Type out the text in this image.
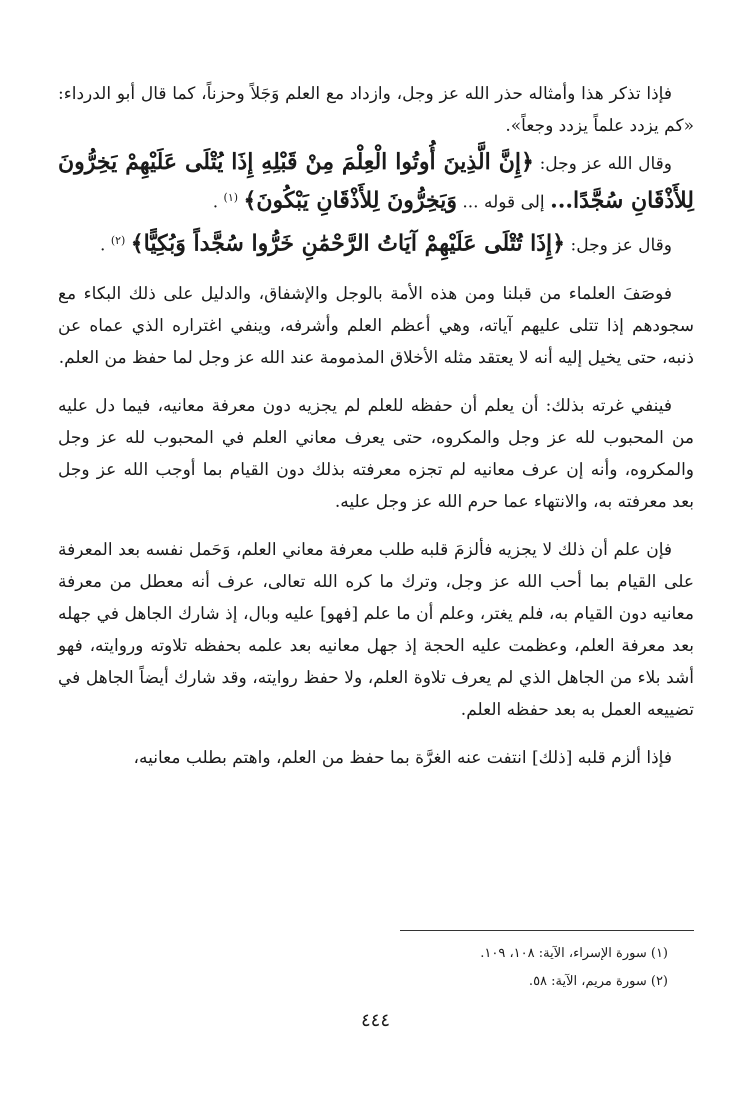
فإذا تذكر هذا وأمثاله حذر الله عز وجل، وازداد مع العلم وَجَلاً وحزناً، كما قال أبو الدرداء: «كم يزدد علماً يزدد وجعاً».

وقال الله عز وجل: ﴿إِنَّ الَّذِينَ أُوتُوا الْعِلْمَ مِنْ قَبْلِهِ إِذَا يُتْلَى عَلَيْهِمْ يَخِرُّونَ لِلأَذْقَانِ سُجَّدًا... إلى قوله ... وَيَخِرُّونَ لِلأَذْقَانِ يَبْكُونَ﴾ $^{(١)}$ .

وقال عز وجل: ﴿إِذَا تُتْلَى عَلَيْهِمْ آيَاتُ الرَّحْمَٰنِ خَرُّوا سُجَّداً وَبُكِيًّا﴾ $^{(٢)}$ .

فوصَفَ العلماء من قبلنا ومن هذه الأمة بالوجل والإشفاق، والدليل على ذلك البكاء مع سجودهم إذا تتلى عليهم آياته، وهي أعظم العلم وأشرفه، وينفي اغتراره الذي عماه عن ذنبه، حتى يخيل إليه أنه لا يعتقد مثله الأخلاق المذمومة عند الله عز وجل لما حفظ من العلم.

فينفي غرته بذلك: أن يعلم أن حفظه للعلم لم يجزيه دون معرفة معانيه، فيما دل عليه من المحبوب لله عز وجل والمكروه، حتى يعرف معاني العلم في المحبوب لله عز وجل والمكروه، وأنه إن عرف معانيه لم تجزه معرفته بذلك دون القيام بما أوجب الله عز وجل بعد معرفته به، والانتهاء عما حرم الله عز وجل عليه.

فإن علم أن ذلك لا يجزيه فألزمَ قلبه طلب معرفة معاني العلم، وَحَمل نفسه بعد المعرفة على القيام بما أحب الله عز وجل، وترك ما كره الله تعالى، عرف أنه معطل من معرفة معانيه دون القيام به، فلم يغتر، وعلم أن ما علم [فهو] عليه وبال، إذ شارك الجاهل في جهله بعد معرفة العلم، وعظمت عليه الحجة إذ جهل معانيه بعد علمه بحفظه تلاوته وروايته، فهو أشد بلاء من الجاهل الذي لم يعرف تلاوة العلم، ولا حفظ روايته، وقد شارك أيضاً الجاهل في تضييعه العمل به بعد حفظه العلم.

فإذا ألزم قلبه [ذلك] انتفت عنه الغرَّة بما حفظ من العلم، واهتم بطلب معانيه،

(١) سورة الإسراء، الآية: ١٠٨، ١٠٩.

(٢) سورة مريم، الآية: ٥٨.

٤٤٤
